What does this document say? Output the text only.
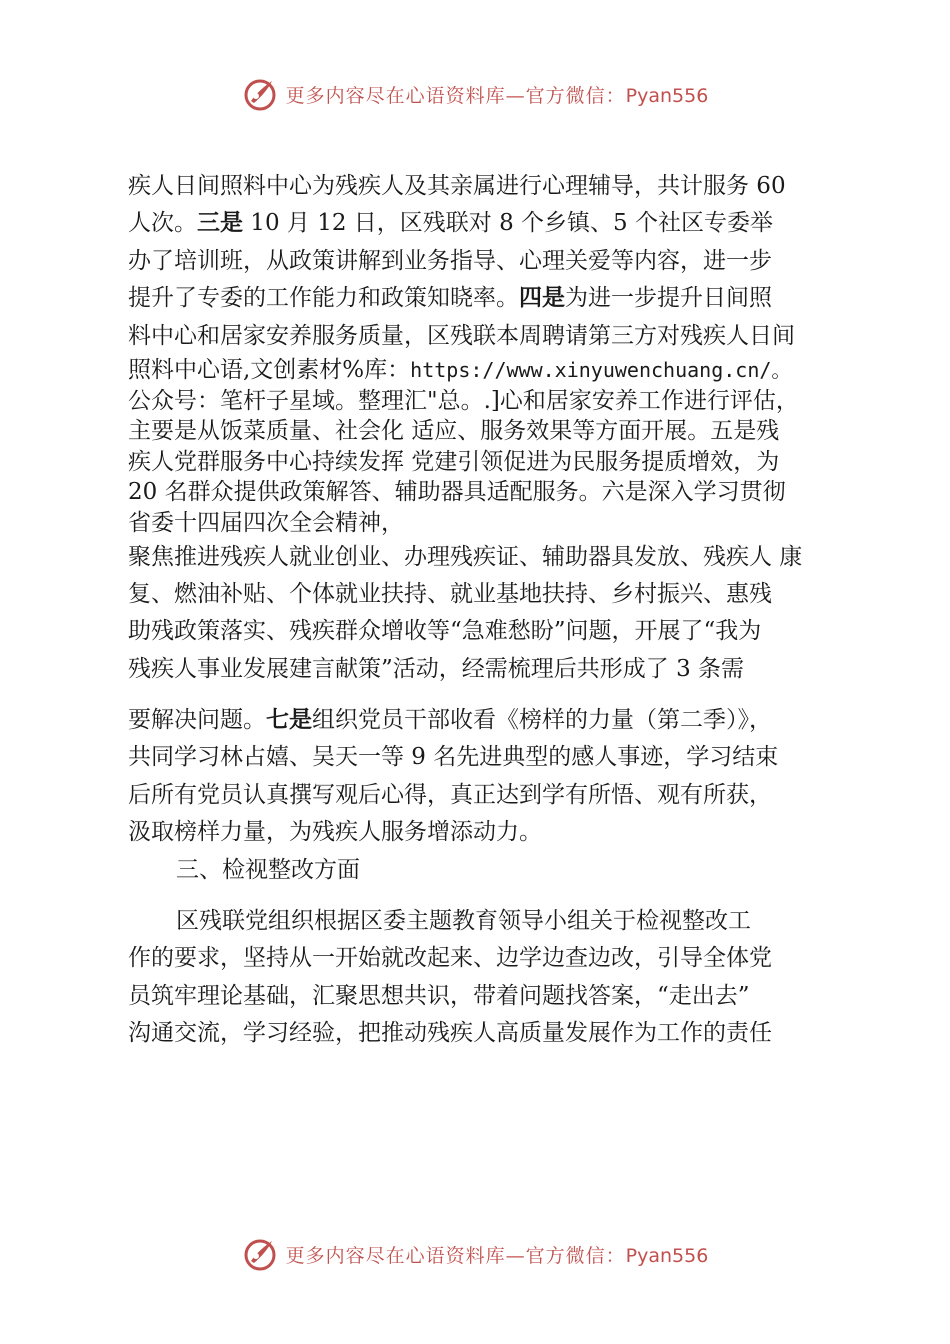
更多内容尽在心语资料库—官方微信：Pyan556
疾人日间照料中心为残疾人及其亲属进行心理辅导，共计服务 60
人次。三是 10 月 12 日，区残联对 8 个乡镇、5 个社区专委举
办了培训班，从政策讲解到业务指导、心理关爱等内容，进一步
提升了专委的工作能力和政策知晓率。四是为进一步提升日间照
料中心和居家安养服务质量，区残联本周聘请第三方对残疾人日间
照料中心语,文创素材%库：https://www.xinyuwenchuang.cn/。
公众号：笔杆子星域。整理汇"总。.]心和居家安养工作进行评估，
主要是从饭菜质量、社会化 适应、服务效果等方面开展。五是残
疾人党群服务中心持续发挥 党建引领促进为民服务提质增效，为
20 名群众提供政策解答、辅助器具适配服务。六是深入学习贯彻
省委十四届四次全会精神，
聚焦推进残疾人就业创业、办理残疾证、辅助器具发放、残疾人 康
复、燃油补贴、个体就业扶持、就业基地扶持、乡村振兴、惠残
助残政策落实、残疾群众增收等“急难愁盼”问题，开展了“我为
残疾人事业发展建言献策”活动，经需梳理后共形成了 3 条需
要解决问题。七是组织党员干部收看《榜样的力量（第二季）》，
共同学习林占嬉、吴天一等 9 名先进典型的感人事迹，学习结束
后所有党员认真撰写观后心得，真正达到学有所悟、观有所获，
汲取榜样力量，为残疾人服务增添动力。
三、检视整改方面
区残联党组织根据区委主题教育领导小组关于检视整改工
作的要求，坚持从一开始就改起来、边学边查边改，引导全体党
员筑牢理论基础，汇聚思想共识，带着问题找答案，“走出去”
沟通交流，学习经验，把推动残疾人高质量发展作为工作的责任
更多内容尽在心语资料库—官方微信：Pyan556
